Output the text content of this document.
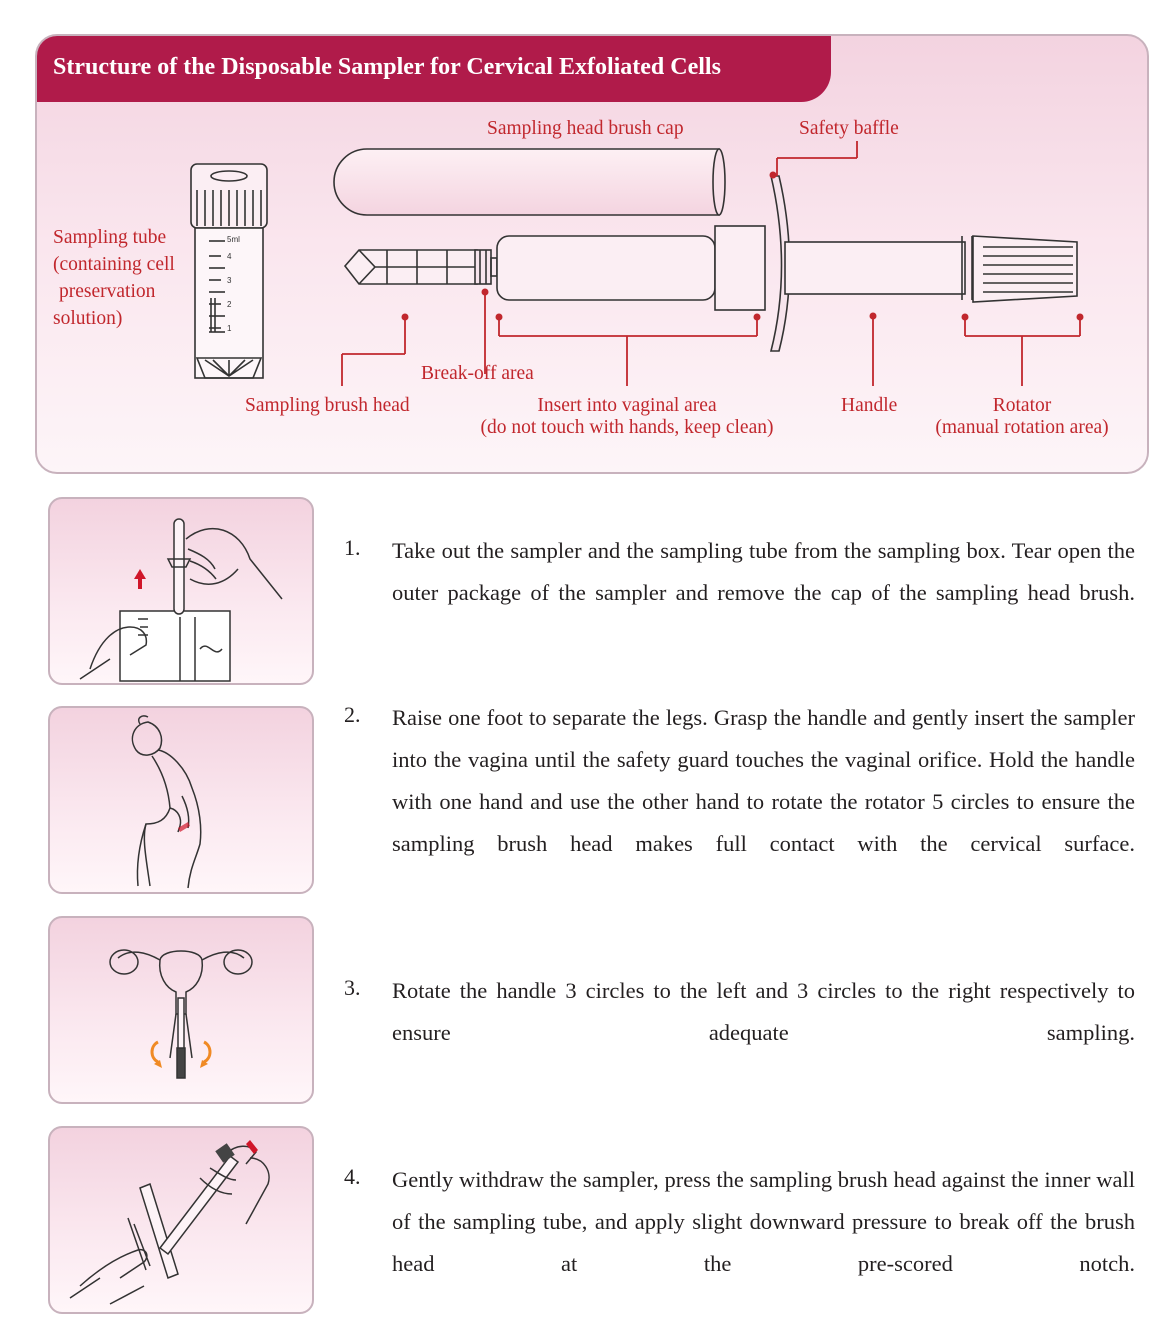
Structure of the Disposable Sampler for Cervical Exfoliated Cells
5ml
4
3
2
1
Sampling head brush cap	Safety baffle
Sampling tube
(containing cell
preservation
solution)
Break-off area
Sampling brush head	Insert into vaginal area
(do not touch with hands, keep clean)
Handle	Rotator
(manual rotation area)
1. Take out the sampler and the sampling tube from the sampling box. Tear open the outer package of the sampler and remove the cap of the sampling head brush.
2. Raise one foot to separate the legs. Grasp the handle and gently insert the sampler into the vagina until the safety guard touches the vaginal orifice. Hold the handle with one hand and use the other hand to rotate the rotator 5 circles to ensure the sampling brush head makes full contact with the cervical surface.
3. Rotate the handle 3 circles to the left and 3 circles to the right respectively to ensure adequate sampling.
4. Gently withdraw the sampler, press the sampling brush head against the inner wall of the sampling tube, and apply slight downward pressure to break off the brush head at the pre-scored notch.
